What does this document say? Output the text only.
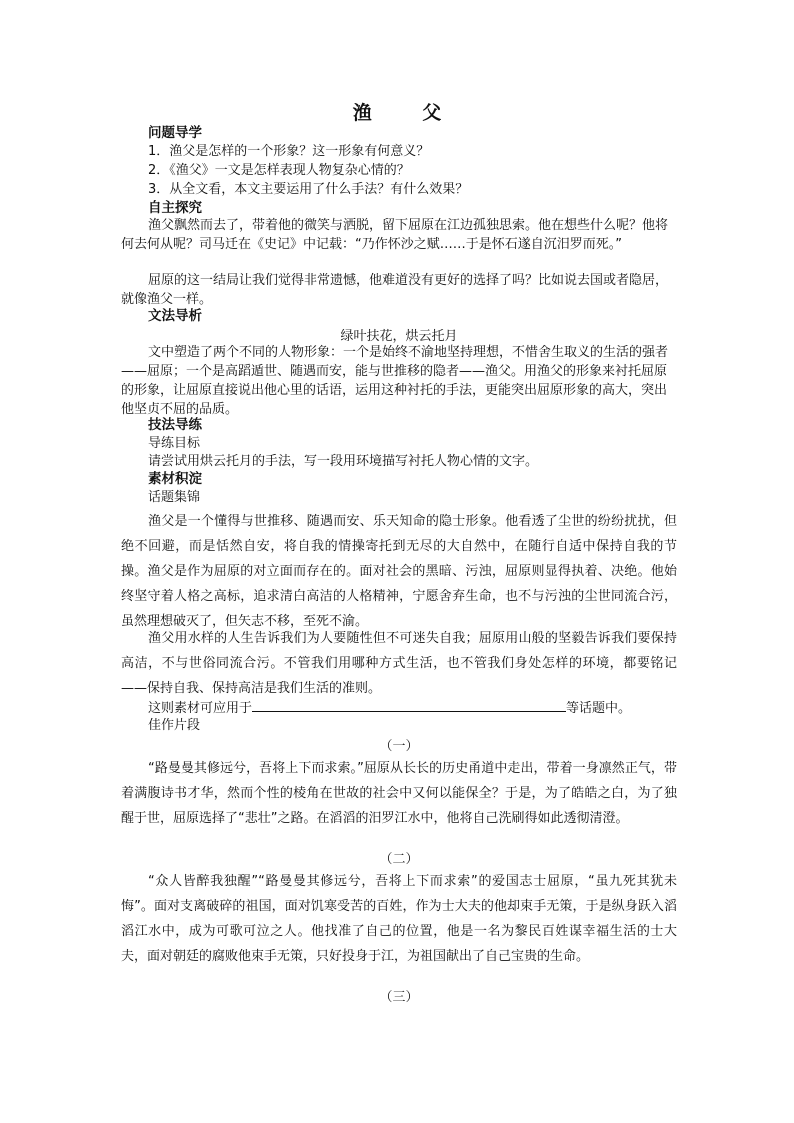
渔 父

问题导学

1．渔父是怎样的一个形象？这一形象有何意义？

2．《渔父》一文是怎样表现人物复杂心情的？

3．从全文看，本文主要运用了什么手法？有什么效果？

自主探究

渔父飘然而去了，带着他的微笑与洒脱，留下屈原在江边孤独思索。他在想些什么呢？他将何去何从呢？司马迁在《史记》中记载：“乃作怀沙之赋……于是怀石遂自沉汨罗而死。”

屈原的这一结局让我们觉得非常遗憾，他难道没有更好的选择了吗？比如说去国或者隐居，就像渔父一样。

文法导析

绿叶扶花，烘云托月

文中塑造了两个不同的人物形象：一个是始终不渝地坚持理想，不惜舍生取义的生活的强者——屈原；一个是高蹈遁世、随遇而安，能与世推移的隐者——渔父。用渔父的形象来衬托屈原的形象，让屈原直接说出他心里的话语，运用这种衬托的手法，更能突出屈原形象的高大，突出他坚贞不屈的品质。

技法导练

导练目标

请尝试用烘云托月的手法，写一段用环境描写衬托人物心情的文字。

素材积淀

话题集锦

渔父是一个懂得与世推移、随遇而安、乐天知命的隐士形象。他看透了尘世的纷纷扰扰，但绝不回避，而是恬然自安，将自我的情操寄托到无尽的大自然中，在随行自适中保持自我的节操。渔父是作为屈原的对立面而存在的。面对社会的黑暗、污浊，屈原则显得执着、决绝。他始终坚守着人格之高标，追求清白高洁的人格精神，宁愿舍弃生命，也不与污浊的尘世同流合污，虽然理想破灭了，但矢志不移，至死不渝。

渔父用水样的人生告诉我们为人要随性但不可迷失自我；屈原用山般的坚毅告诉我们要保持高洁，不与世俗同流合污。不管我们用哪种方式生活，也不管我们身处怎样的环境，都要铭记——保持自我、保持高洁是我们生活的准则。

这则素材可应用于	等话题中。

佳作片段

（一）

“路曼曼其修远兮，吾将上下而求索。”屈原从长长的历史甬道中走出，带着一身凛然正气，带着满腹诗书才华，然而个性的棱角在世故的社会中又何以能保全？于是，为了皓皓之白，为了独醒于世，屈原选择了“悲壮”之路。在滔滔的汨罗江水中，他将自己洗刷得如此透彻清澄。

（二）

“众人皆醉我独醒”“路曼曼其修远兮，吾将上下而求索”的爱国志士屈原，“虽九死其犹未悔”。面对支离破碎的祖国，面对饥寒受苦的百姓，作为士大夫的他却束手无策，于是纵身跃入滔滔江水中，成为可歌可泣之人。他找准了自己的位置，他是一名为黎民百姓谋幸福生活的士大夫，面对朝廷的腐败他束手无策，只好投身于江，为祖国献出了自己宝贵的生命。

（三）
